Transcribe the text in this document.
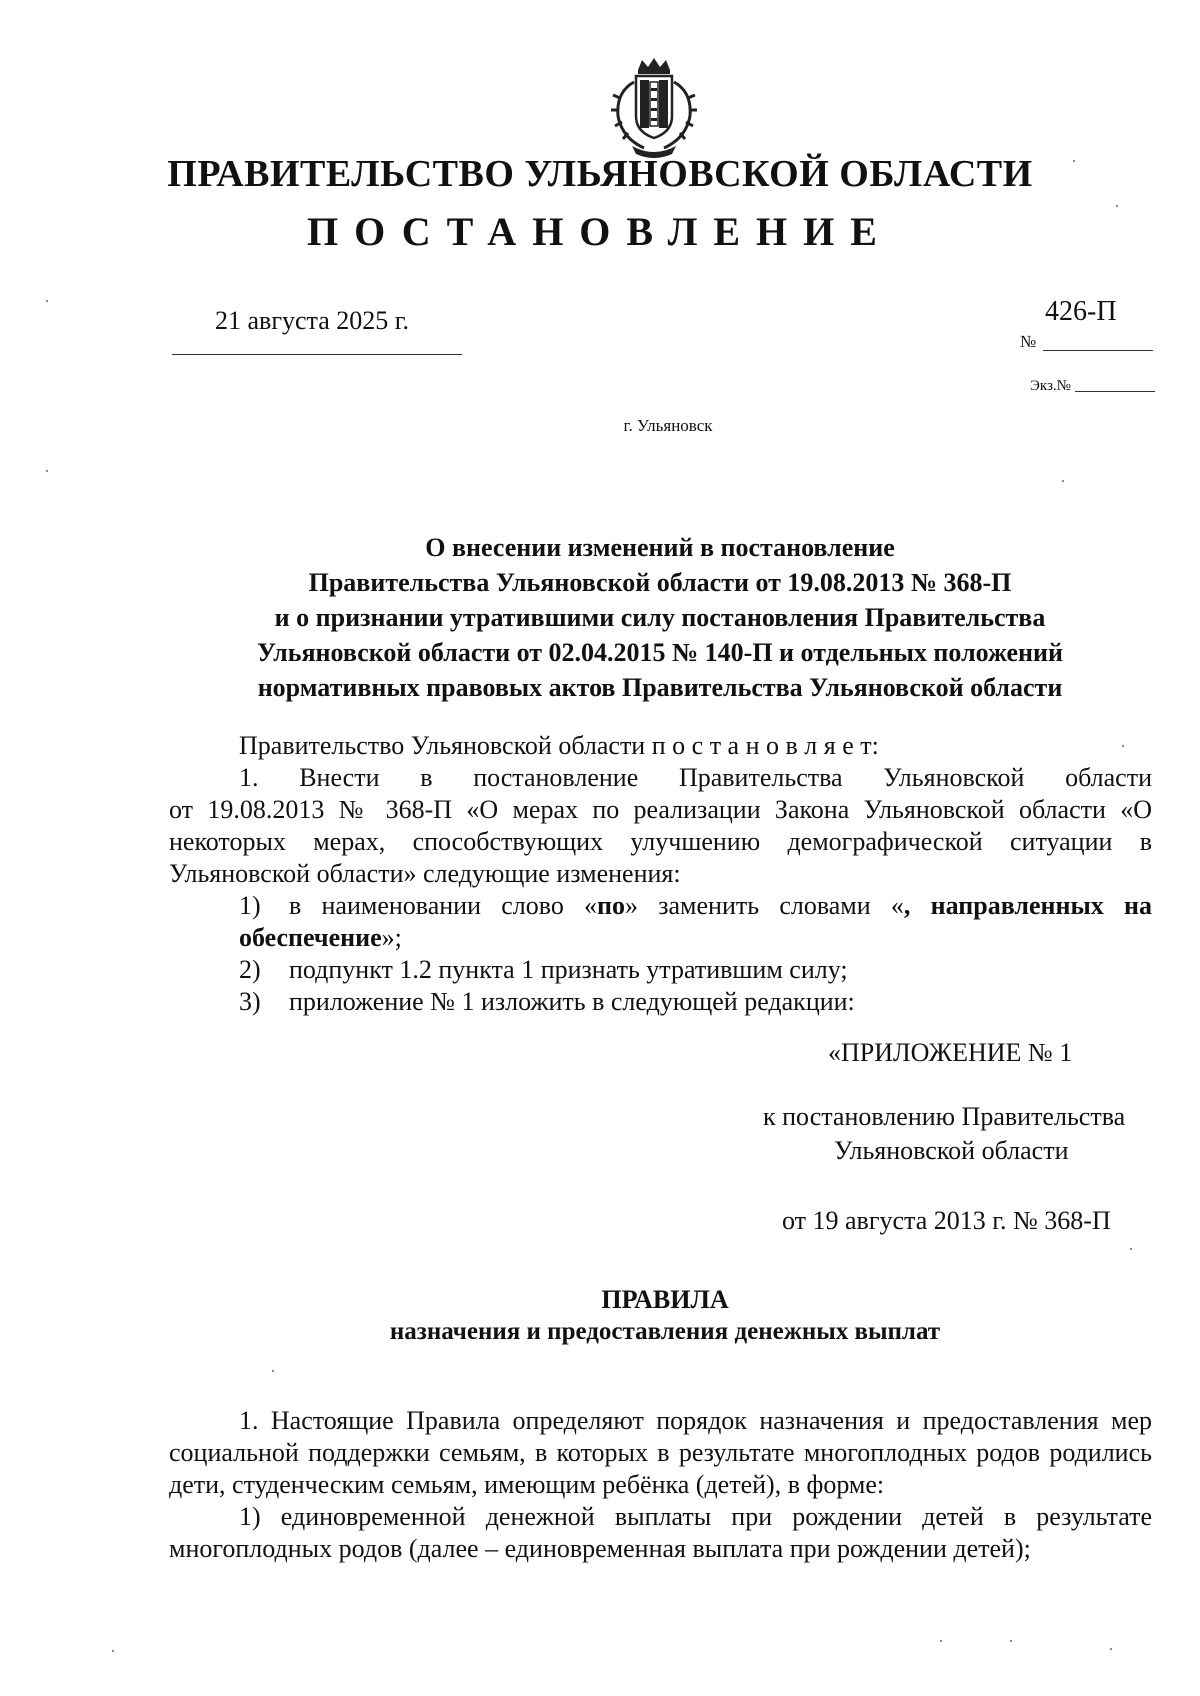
ПРАВИТЕЛЬСТВО УЛЬЯНОВСКОЙ ОБЛАСТИ
ПОСТАНОВЛЕНИЕ
21 августа 2025 г.	426-П
№
Экз.№
г. Ульяновск
О внесении изменений в постановление
Правительства Ульяновской области от 19.08.2013 № 368-П
и о признании утратившими силу постановления Правительства
Ульяновской области от 02.04.2015 № 140-П и отдельных положений
нормативных правовых актов Правительства Ульяновской области
Правительство Ульяновской области п о с т а н о в л я е т:
1. Внести в постановление Правительства Ульяновской области
от 19.08.2013 № 368-П «О мерах по реализации Закона Ульяновской области «О некоторых мерах, способствующих улучшению демографической ситуации в Ульяновской области» следующие изменения:
1) в наименовании слово «по» заменить словами «, направленных на обеспечение»;
2) подпункт 1.2 пункта 1 признать утратившим силу;
3) приложение № 1 изложить в следующей редакции:
«ПРИЛОЖЕНИЕ № 1
к постановлению Правительства
Ульяновской области
от 19 августа 2013 г. № 368-П
ПРАВИЛА
назначения и предоставления денежных выплат
1. Настоящие Правила определяют порядок назначения и предоставления мер социальной поддержки семьям, в которых в результате многоплодных родов родились дети, студенческим семьям, имеющим ребёнка (детей), в форме:
1) единовременной денежной выплаты при рождении детей в результате многоплодных родов (далее – единовременная выплата при рождении детей);
